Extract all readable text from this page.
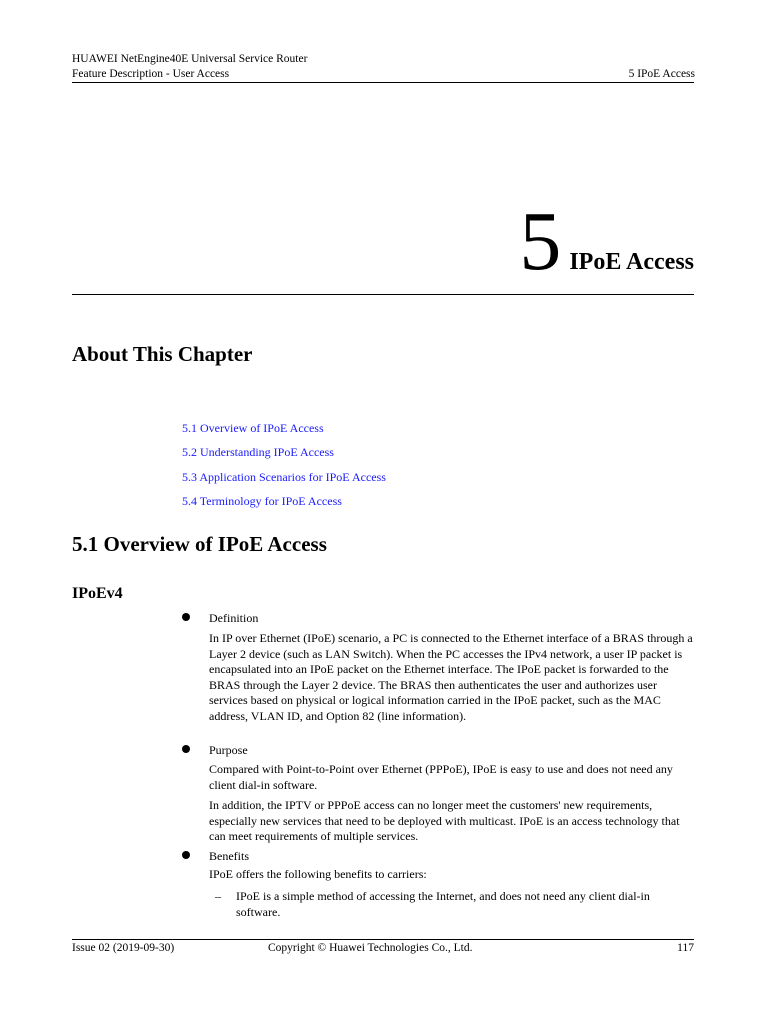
HUAWEI NetEngine40E Universal Service Router
Feature Description - User Access	5 IPoE Access
5 IPoE Access
About This Chapter
5.1 Overview of IPoE Access
5.2 Understanding IPoE Access
5.3 Application Scenarios for IPoE Access
5.4 Terminology for IPoE Access
5.1 Overview of IPoE Access
IPoEv4
Definition
In IP over Ethernet (IPoE) scenario, a PC is connected to the Ethernet interface of a BRAS through a Layer 2 device (such as LAN Switch). When the PC accesses the IPv4 network, a user IP packet is encapsulated into an IPoE packet on the Ethernet interface. The IPoE packet is forwarded to the BRAS through the Layer 2 device. The BRAS then authenticates the user and authorizes user services based on physical or logical information carried in the IPoE packet, such as the MAC address, VLAN ID, and Option 82 (line information).
Purpose
Compared with Point-to-Point over Ethernet (PPPoE), IPoE is easy to use and does not need any client dial-in software.
In addition, the IPTV or PPPoE access can no longer meet the customers' new requirements, especially new services that need to be deployed with multicast. IPoE is an access technology that can meet requirements of multiple services.
Benefits
IPoE offers the following benefits to carriers:
– IPoE is a simple method of accessing the Internet, and does not need any client dial-in software.
Issue 02 (2019-09-30)	Copyright © Huawei Technologies Co., Ltd.	117
